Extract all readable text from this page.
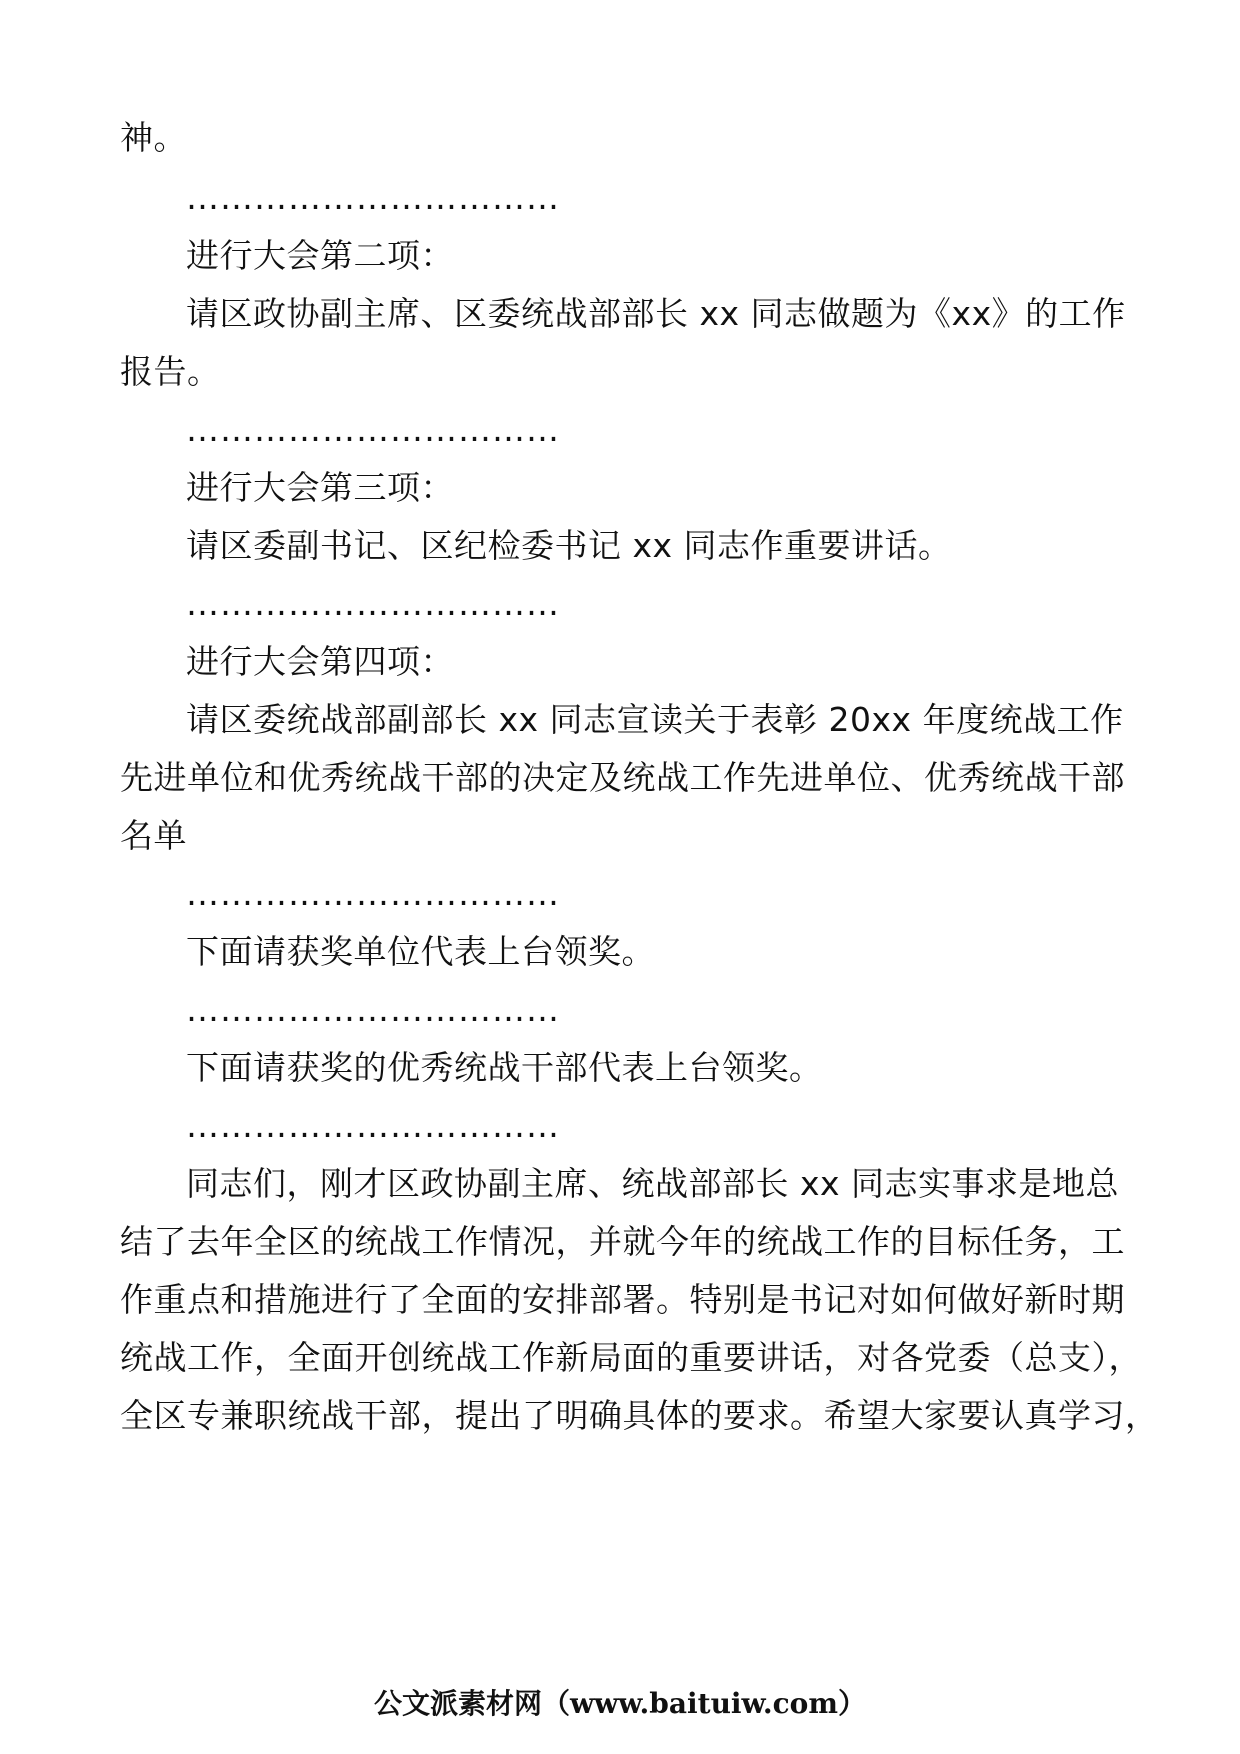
神。
……………………………
进行大会第二项：
请区政协副主席、区委统战部部长 xx 同志做题为《xx》的工作
报告。
……………………………
进行大会第三项：
请区委副书记、区纪检委书记 xx 同志作重要讲话。
……………………………
进行大会第四项：
请区委统战部副部长 xx 同志宣读关于表彰 20xx 年度统战工作
先进单位和优秀统战干部的决定及统战工作先进单位、优秀统战干部
名单
……………………………
下面请获奖单位代表上台领奖。
……………………………
下面请获奖的优秀统战干部代表上台领奖。
……………………………
同志们，刚才区政协副主席、统战部部长 xx 同志实事求是地总
结了去年全区的统战工作情况，并就今年的统战工作的目标任务，工
作重点和措施进行了全面的安排部署。特别是书记对如何做好新时期
统战工作，全面开创统战工作新局面的重要讲话，对各党委（总支），
全区专兼职统战干部，提出了明确具体的要求。希望大家要认真学习，
公文派素材网（www.baituiw.com）
